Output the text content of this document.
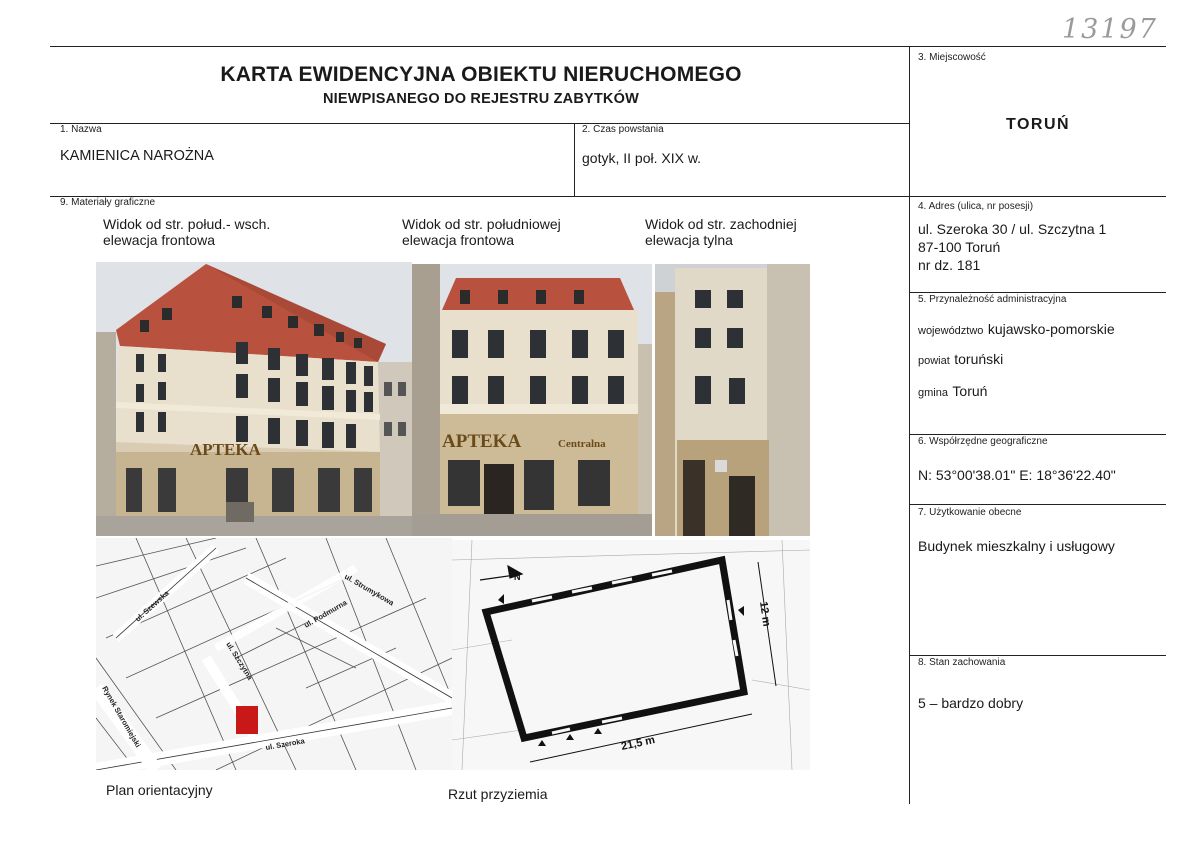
13197
KARTA EWIDENCYJNA OBIEKTU NIERUCHOMEGO
NIEWPISANEGO DO REJESTRU ZABYTKÓW
1. Nazwa
KAMIENICA NAROŻNA
2. Czas powstania
gotyk, II poł. XIX w.
3. Miejscowość
TORUŃ
4. Adres (ulica, nr posesji)
ul. Szeroka 30 / ul. Szczytna 1
87-100 Toruń
nr dz. 181
5. Przynależność administracyjna
województwo kujawsko-pomorskie
powiat toruński
gmina Toruń
6. Współrzędne geograficzne
N: 53°00'38.01" E: 18°36'22.40"
7. Użytkowanie obecne
Budynek mieszkalny i usługowy
8. Stan zachowania
5 – bardzo dobry
9. Materiały graficzne
Widok od str. połud.- wsch.
elewacja frontowa
Widok od str. południowej
elewacja frontowa
Widok od str. zachodniej
elewacja tylna
APTEKA	APTEKA	Centralna
ul. Szewska	ul. Strumykowa
ul. Podmurna
ul. Szczytna
Rynek Staromiejski	ul. Szeroka
N
21,5 m
12 m
Plan orientacyjny	Rzut przyziemia
